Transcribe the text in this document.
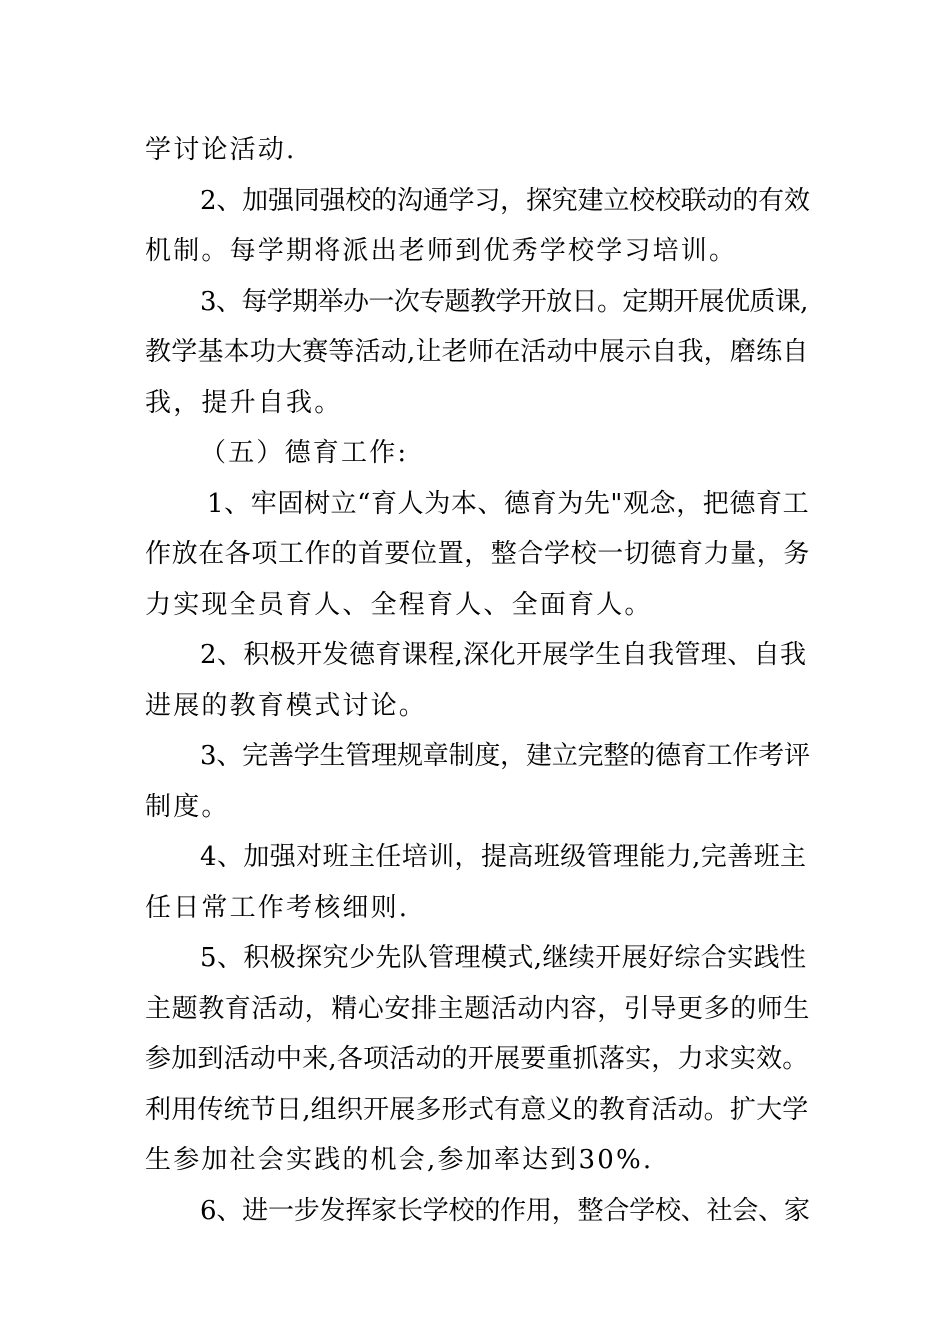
学讨论活动.
2、加强同强校的沟通学习，探究建立校校联动的有效
机制。每学期将派出老师到优秀学校学习培训。
3、每学期举办一次专题教学开放日。定期开展优质课,
教学基本功大赛等活动,让老师在活动中展示自我，磨练自
我，提升自我。
（五）德育工作:
1、牢固树立“育人为本、德育为先"观念，把德育工
作放在各项工作的首要位置，整合学校一切德育力量，务
力实现全员育人、全程育人、全面育人。
2、积极开发德育课程,深化开展学生自我管理、自我
进展的教育模式讨论。
3、完善学生管理规章制度，建立完整的德育工作考评
制度。
4、加强对班主任培训，提高班级管理能力,完善班主
任日常工作考核细则.
5、积极探究少先队管理模式,继续开展好综合实践性
主题教育活动，精心安排主题活动内容，引导更多的师生
参加到活动中来,各项活动的开展要重抓落实，力求实效。
利用传统节日,组织开展多形式有意义的教育活动。扩大学
生参加社会实践的机会,参加率达到30%.
6、进一步发挥家长学校的作用，整合学校、社会、家
